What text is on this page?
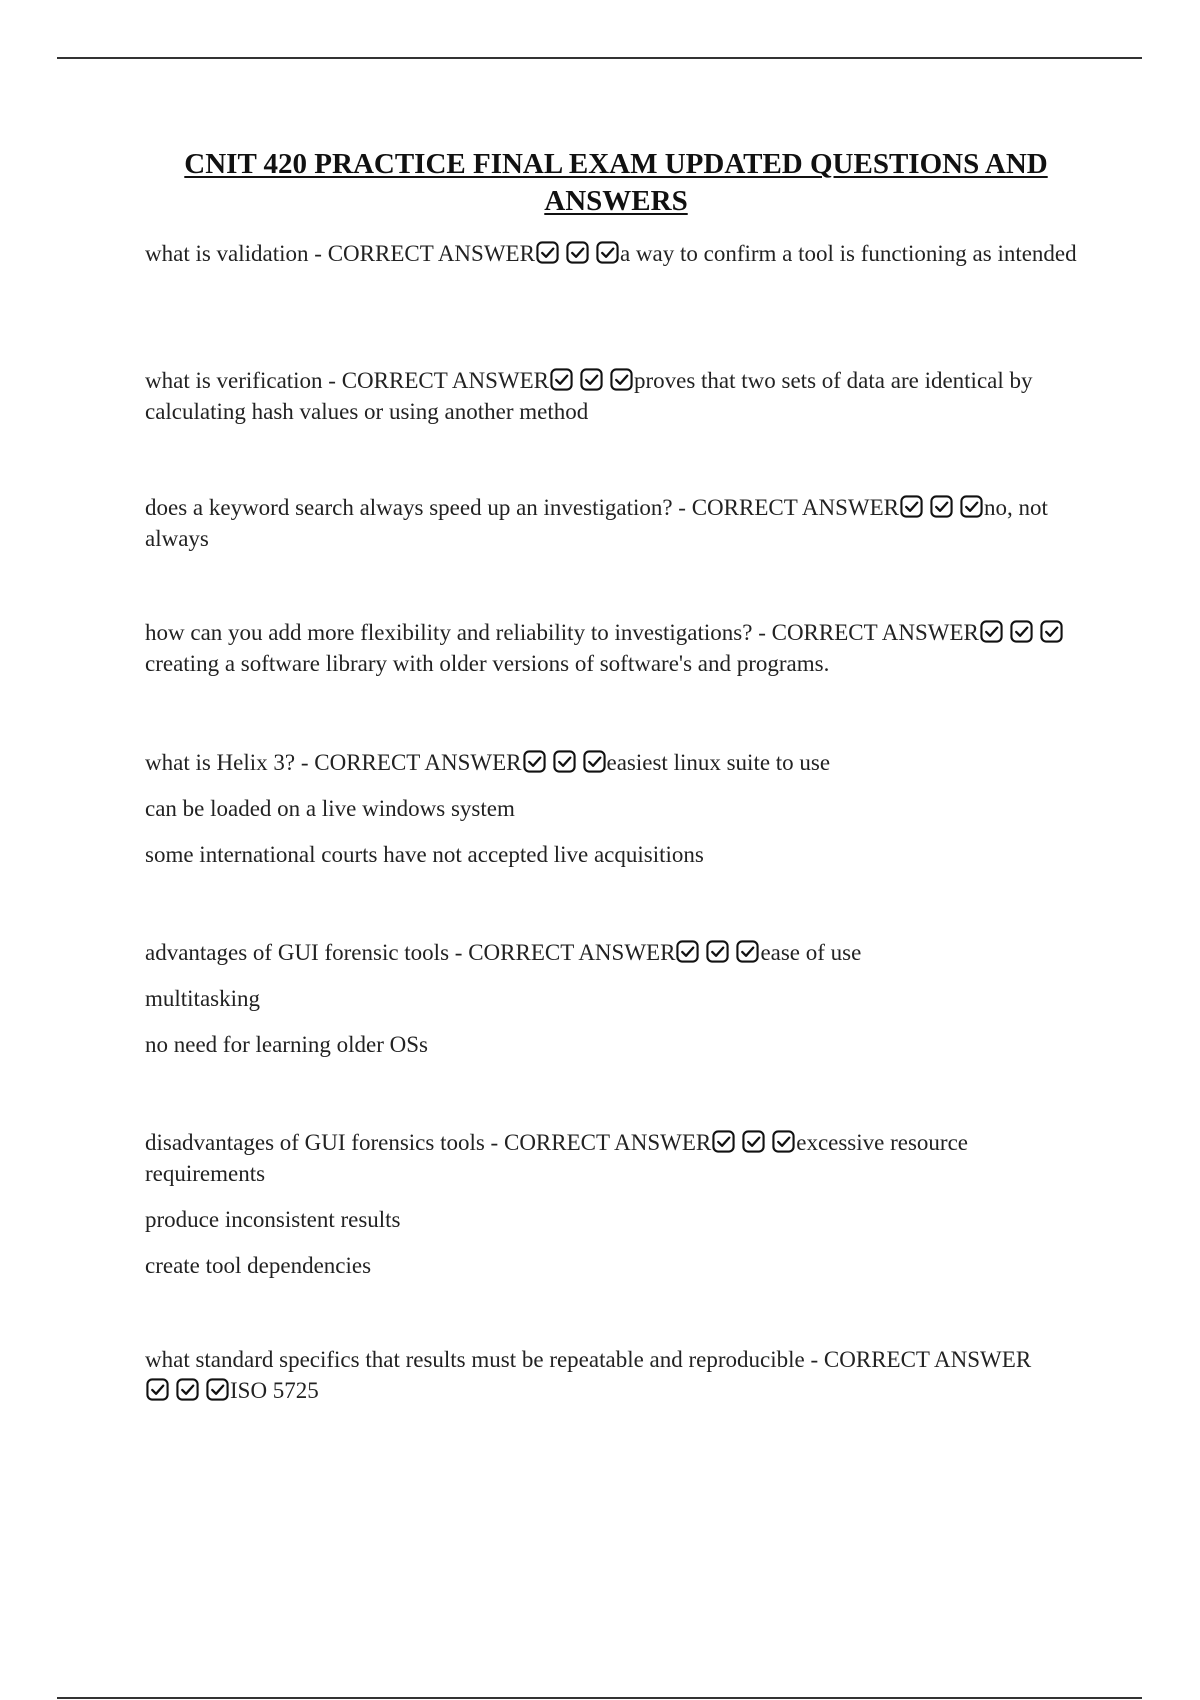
CNIT 420 PRACTICE FINAL EXAM UPDATED QUESTIONS AND ANSWERS

what is validation - CORRECT ANSWER	a way to confirm a tool is functioning as intended

what is verification - CORRECT ANSWER	proves that two sets of data are identical by calculating hash values or using another method

does a keyword search always speed up an investigation? - CORRECT ANSWER	no, not always

how can you add more flexibility and reliability to investigations? - CORRECT ANSWER
creating a software library with older versions of software's and programs.

what is Helix 3? - CORRECT ANSWER	easiest linux suite to use

can be loaded on a live windows system

some international courts have not accepted live acquisitions

advantages of GUI forensic tools - CORRECT ANSWER	ease of use

multitasking

no need for learning older OSs

disadvantages of GUI forensics tools - CORRECT ANSWER	excessive resource requirements

produce inconsistent results

create tool dependencies

what standard specifics that results must be repeatable and reproducible - CORRECT ANSWER
ISO 5725
